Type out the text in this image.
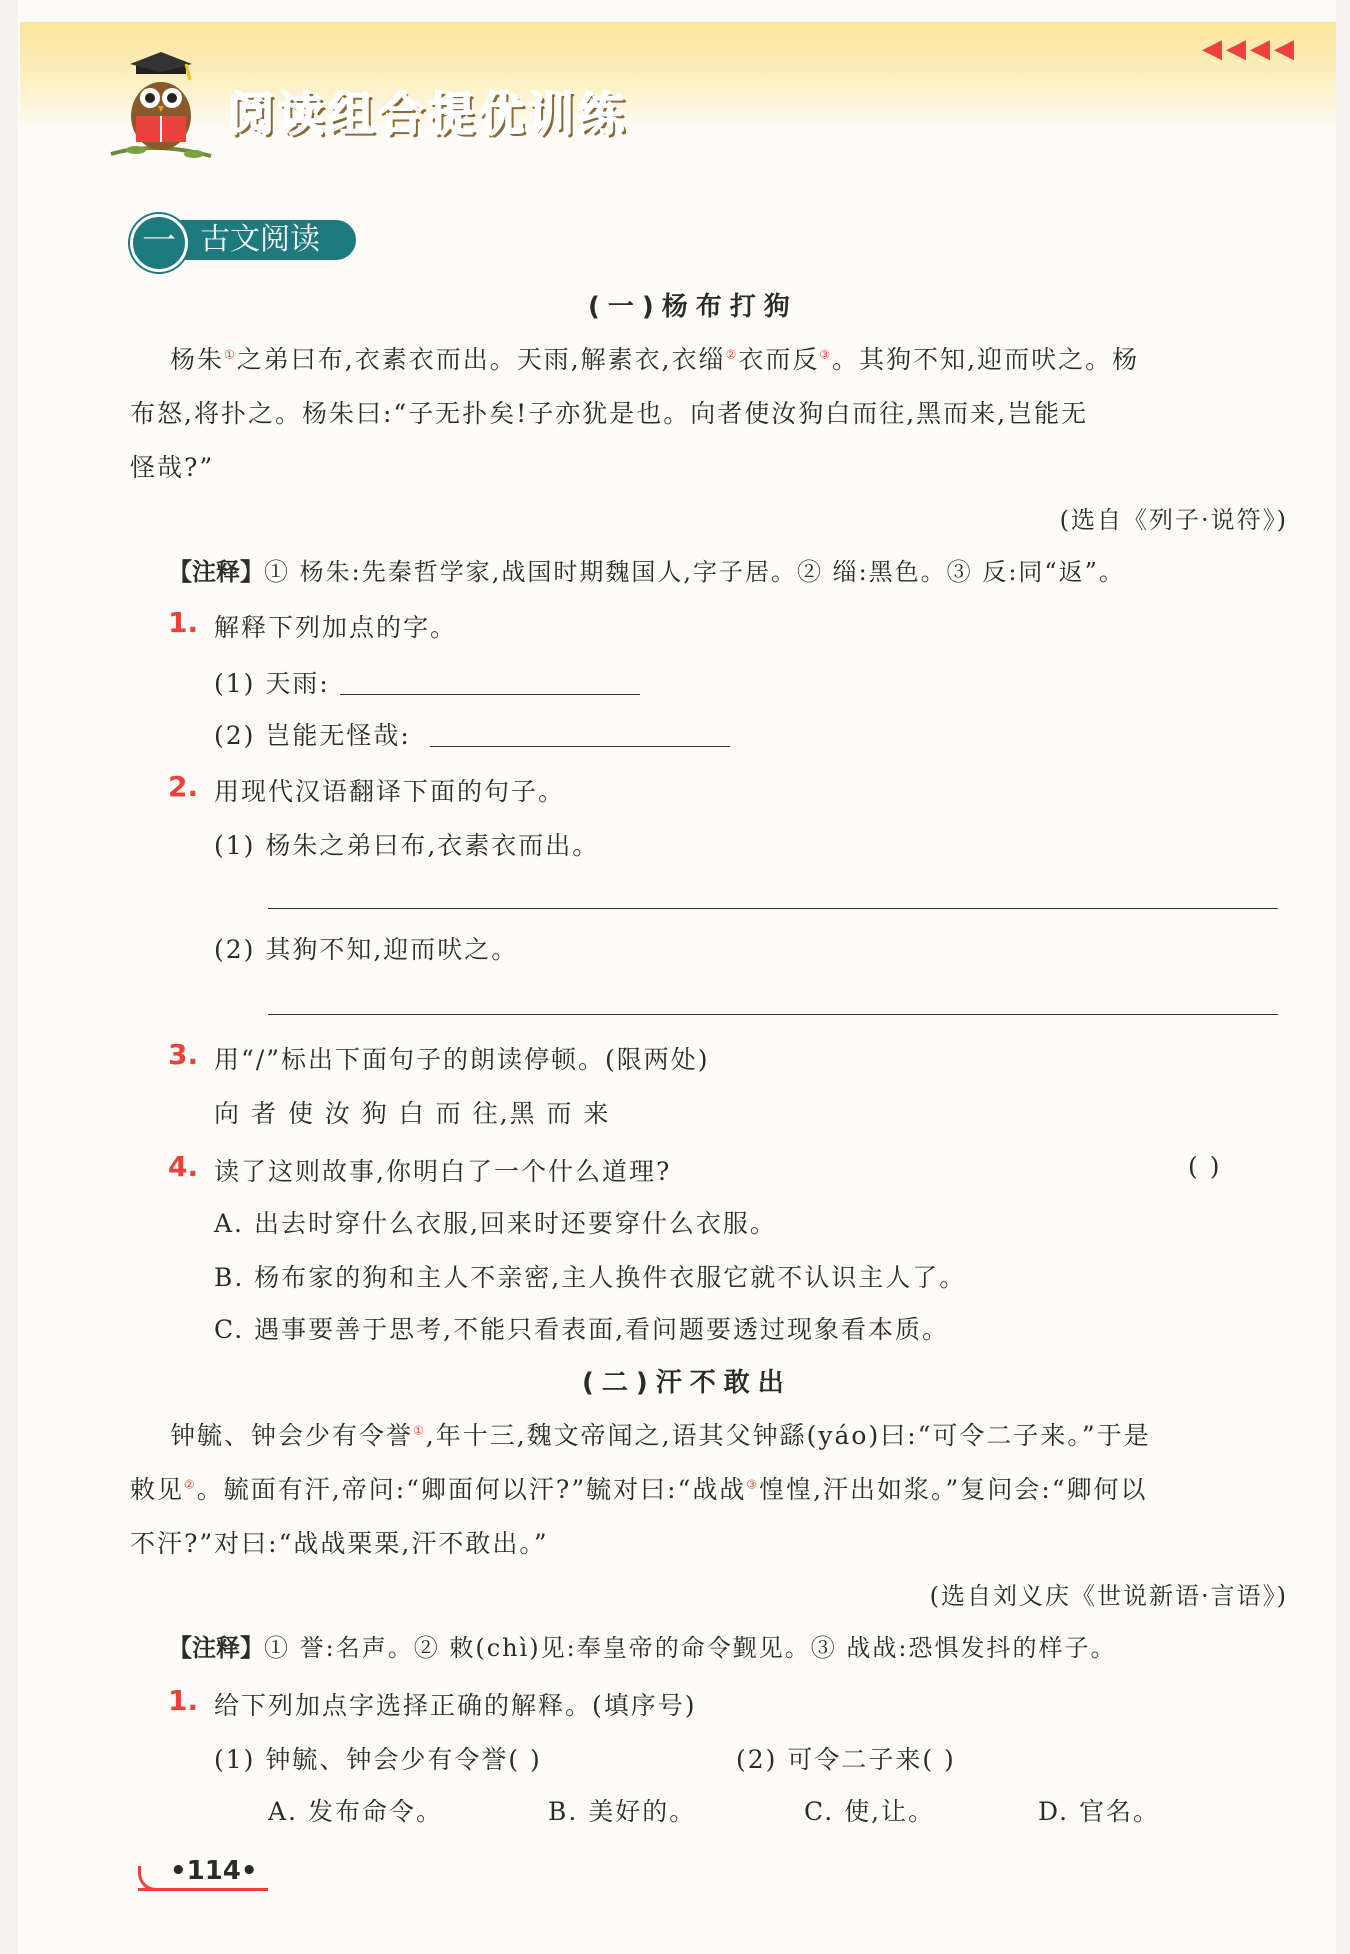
◀◀◀◀
阅读组合提优训练
古文阅读
一
(一)杨布打狗
杨朱①之弟曰布,衣素衣而出。天雨,解素衣,衣缁②衣而反③。其狗不知,迎而吠之。杨
布怒,将扑之。杨朱曰:“子无扑矣!子亦犹是也。向者使汝狗白而往,黑而来,岂能无
怪哉?”
(选自《列子·说符》)
【注释】① 杨朱:先秦哲学家,战国时期魏国人,字子居。② 缁:黑色。③ 反:同“返”。
1. 解释下列加点的字。
(1) 天雨:
(2) 岂能无怪哉:
2. 用现代汉语翻译下面的句子。
(1) 杨朱之弟曰布,衣素衣而出。
(2) 其狗不知,迎而吠之。
3. 用“/”标出下面句子的朗读停顿。(限两处)
向 者 使 汝 狗 白 而 往,黑 而 来
4. 读了这则故事,你明白了一个什么道理?	( )
A. 出去时穿什么衣服,回来时还要穿什么衣服。
B. 杨布家的狗和主人不亲密,主人换件衣服它就不认识主人了。
C. 遇事要善于思考,不能只看表面,看问题要透过现象看本质。
(二)汗不敢出
钟毓、钟会少有令誉①,年十三,魏文帝闻之,语其父钟繇(yáo)曰:“可令二子来。”于是
敕见②。毓面有汗,帝问:“卿面何以汗?”毓对曰:“战战③惶惶,汗出如浆。”复问会:“卿何以
不汗?”对曰:“战战栗栗,汗不敢出。”
(选自刘义庆《世说新语·言语》)
【注释】① 誉:名声。② 敕(chì)见:奉皇帝的命令觐见。③ 战战:恐惧发抖的样子。
1. 给下列加点字选择正确的解释。(填序号)
(1) 钟毓、钟会少有令誉( )	(2) 可令二子来( )
A. 发布命令。	B. 美好的。	C. 使,让。	D. 官名。
•114•
